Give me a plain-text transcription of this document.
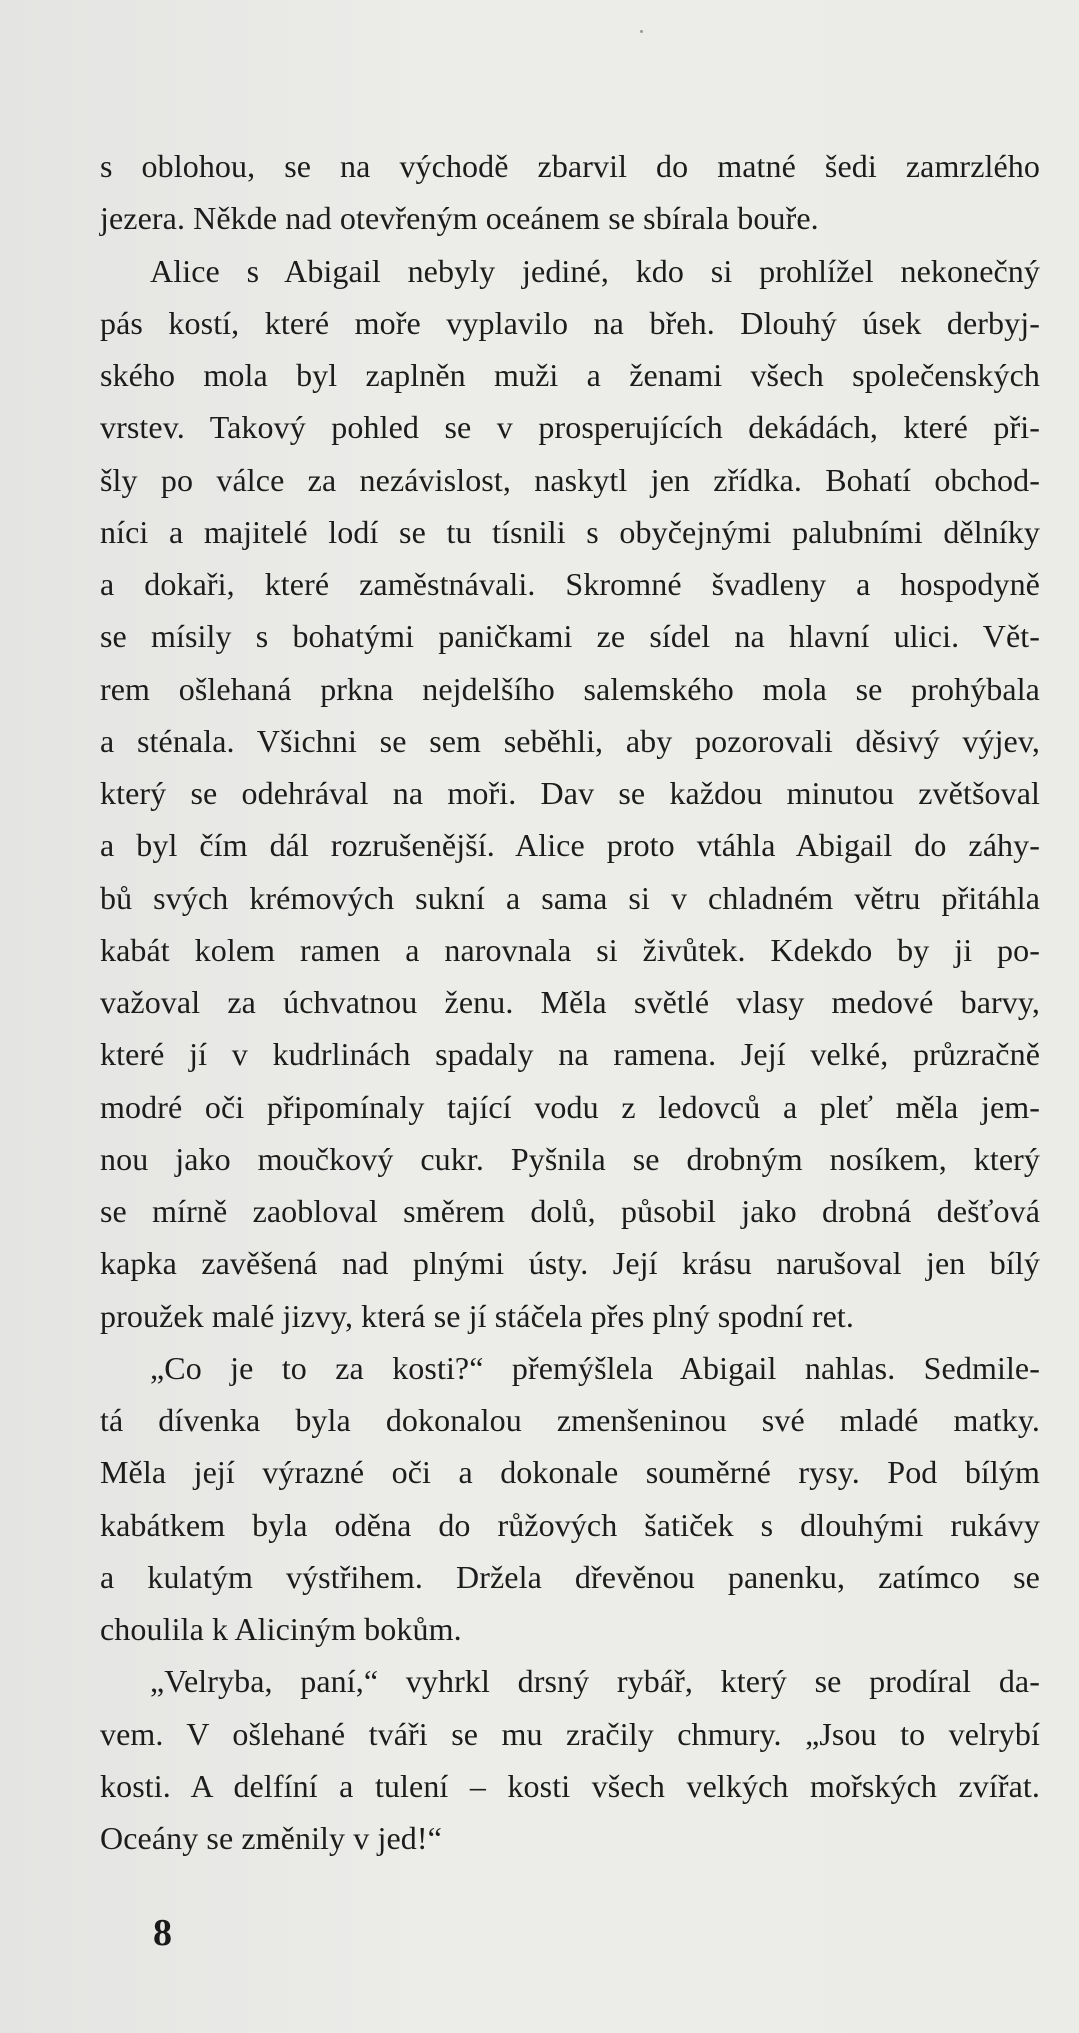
s oblohou, se na východě zbarvil do matné šedi zamrzlého
jezera. Někde nad otevřeným oceánem se sbírala bouře.
Alice s Abigail nebyly jediné, kdo si prohlížel nekonečný
pás kostí, které moře vyplavilo na břeh. Dlouhý úsek derbyj-
ského mola byl zaplněn muži a ženami všech společenských
vrstev. Takový pohled se v prosperujících dekádách, které při-
šly po válce za nezávislost, naskytl jen zřídka. Bohatí obchod-
níci a majitelé lodí se tu tísnili s obyčejnými palubními dělníky
a dokaři, které zaměstnávali. Skromné švadleny a hospodyně
se mísily s bohatými paničkami ze sídel na hlavní ulici. Vět-
rem ošlehaná prkna nejdelšího salemského mola se prohýbala
a sténala. Všichni se sem seběhli, aby pozorovali děsivý výjev,
který se odehrával na moři. Dav se každou minutou zvětšoval
a byl čím dál rozrušenější. Alice proto vtáhla Abigail do záhy-
bů svých krémových sukní a sama si v chladném větru přitáhla
kabát kolem ramen a narovnala si živůtek. Kdekdo by ji po-
važoval za úchvatnou ženu. Měla světlé vlasy medové barvy,
které jí v kudrlinách spadaly na ramena. Její velké, průzračně
modré oči připomínaly tající vodu z ledovců a pleť měla jem-
nou jako moučkový cukr. Pyšnila se drobným nosíkem, který
se mírně zaobloval směrem dolů, působil jako drobná dešťová
kapka zavěšená nad plnými ústy. Její krásu narušoval jen bílý
proužek malé jizvy, která se jí stáčela přes plný spodní ret.
„Co je to za kosti?“ přemýšlela Abigail nahlas. Sedmile-
tá dívenka byla dokonalou zmenšeninou své mladé matky.
Měla její výrazné oči a dokonale souměrné rysy. Pod bílým
kabátkem byla oděna do růžových šatiček s dlouhými rukávy
a kulatým výstřihem. Držela dřevěnou panenku, zatímco se
choulila k Aliciným bokům.
„Velryba, paní,“ vyhrkl drsný rybář, který se prodíral da-
vem. V ošlehané tváři se mu zračily chmury. „Jsou to velrybí
kosti. A delfíní a tulení – kosti všech velkých mořských zvířat.
Oceány se změnily v jed!“
8
